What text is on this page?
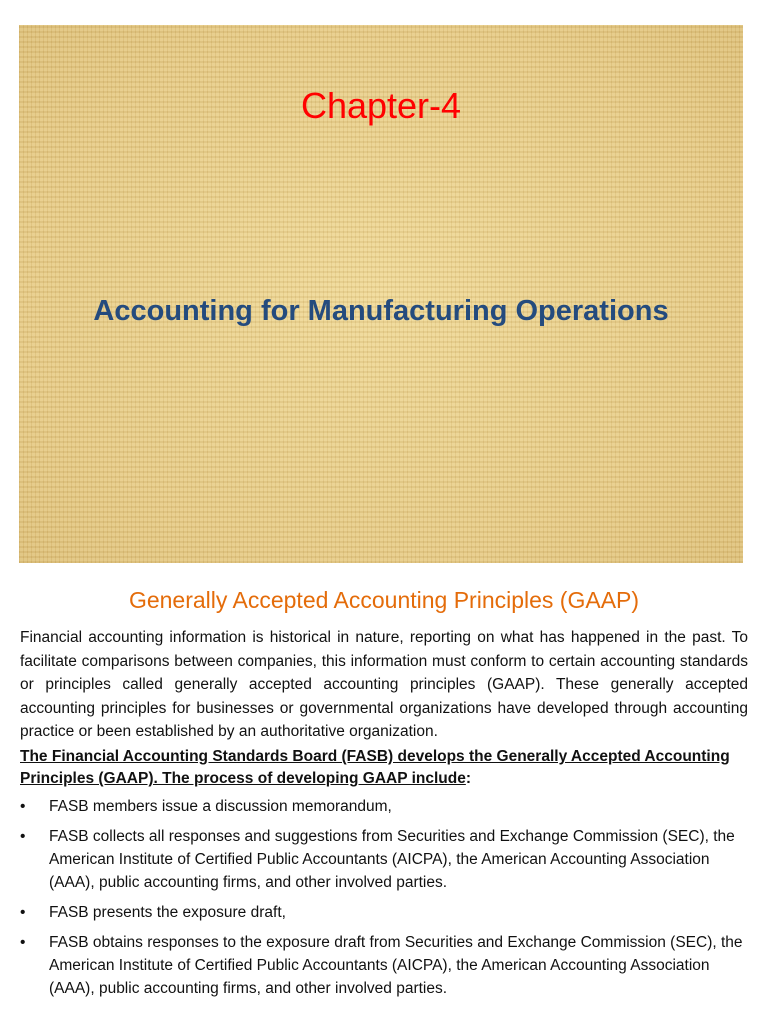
Chapter-4
Accounting for Manufacturing Operations
Generally Accepted Accounting Principles (GAAP)

Financial accounting information is historical in nature, reporting on what has happened in the past. To facilitate comparisons between companies, this information must conform to certain accounting standards or principles called generally accepted accounting principles (GAAP). These generally accepted accounting principles for businesses or governmental organizations have developed through accounting practice or been established by an authoritative organization.

The Financial Accounting Standards Board (FASB) develops the Generally Accepted Accounting Principles (GAAP). The process of developing GAAP include:

•	FASB members issue a discussion memorandum,
•	FASB collects all responses and suggestions from Securities and Exchange Commission (SEC), the American Institute of Certified Public Accountants (AICPA), the American Accounting Association (AAA), public accounting firms, and other involved parties.
•	FASB presents the exposure draft,
•	FASB obtains responses to the exposure draft from Securities and Exchange Commission (SEC), the American Institute of Certified Public Accountants (AICPA), the American Accounting Association (AAA), public accounting firms, and other involved parties.
